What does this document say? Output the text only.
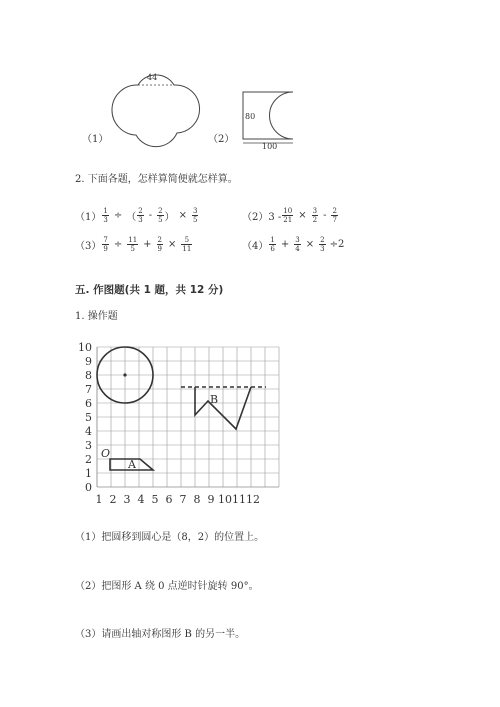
44
（1）	（2）
80
100
2. 下面各题，怎样算简便就怎样算。
$(1) \frac{1}{3}$ ÷ （ $\frac{2}{3} - \frac{2}{5}$ ） × $\frac{3}{5}$	$(2)3 - \frac{10}{21} \times \frac{3}{2} - \frac{2}{7}$
$(3) \frac{7}{9} \div \frac{11}{5} + \frac{2}{9} \times \frac{5}{11}$	$(4) \frac{1}{6} + \frac{3}{4} \times \frac{2}{3} \div 2$
五. 作图题(共 1 题，共 12 分)
1. 操作题
10
9
8
7
6
5
4
3
2
1
0
1 2 3 4 5 6 7 8 9 10 11 12
O
A
B
（1）把圆移到圆心是（8，2）的位置上。
（2）把图形 A 绕 0 点逆时针旋转 90°。
（3）请画出轴对称图形 B 的另一半。
